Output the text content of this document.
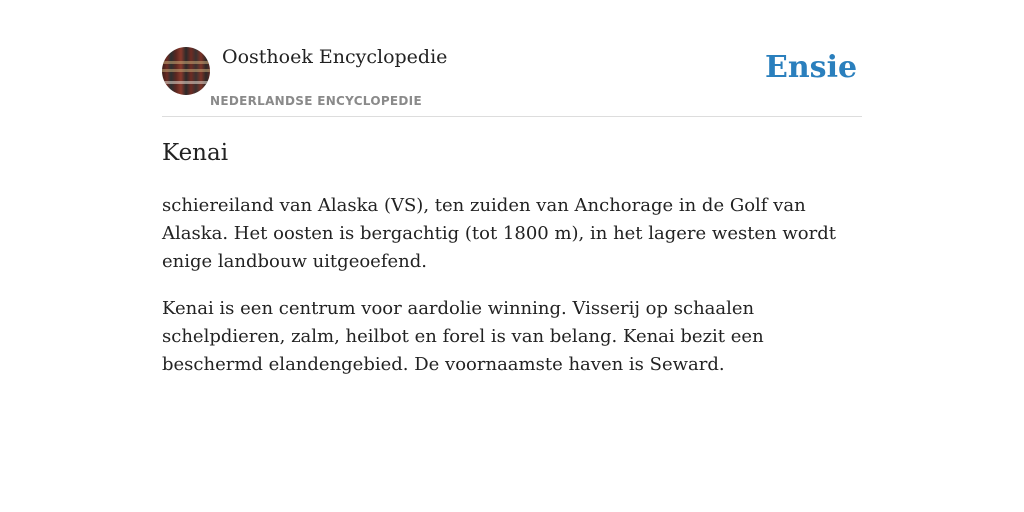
Oosthoek Encyclopedie
NEDERLANDSE ENCYCLOPEDIE
Ensie
Kenai

schiereiland van Alaska (VS), ten zuiden van Anchorage in de Golf van Alaska. Het oosten is bergachtig (tot 1800 m), in het lagere westen wordt enige landbouw uitgeoefend.

Kenai is een centrum voor aardolie winning. Visserij op schaalen schelpdieren, zalm, heilbot en forel is van belang. Kenai bezit een beschermd elandengebied. De voornaamste haven is Seward.
